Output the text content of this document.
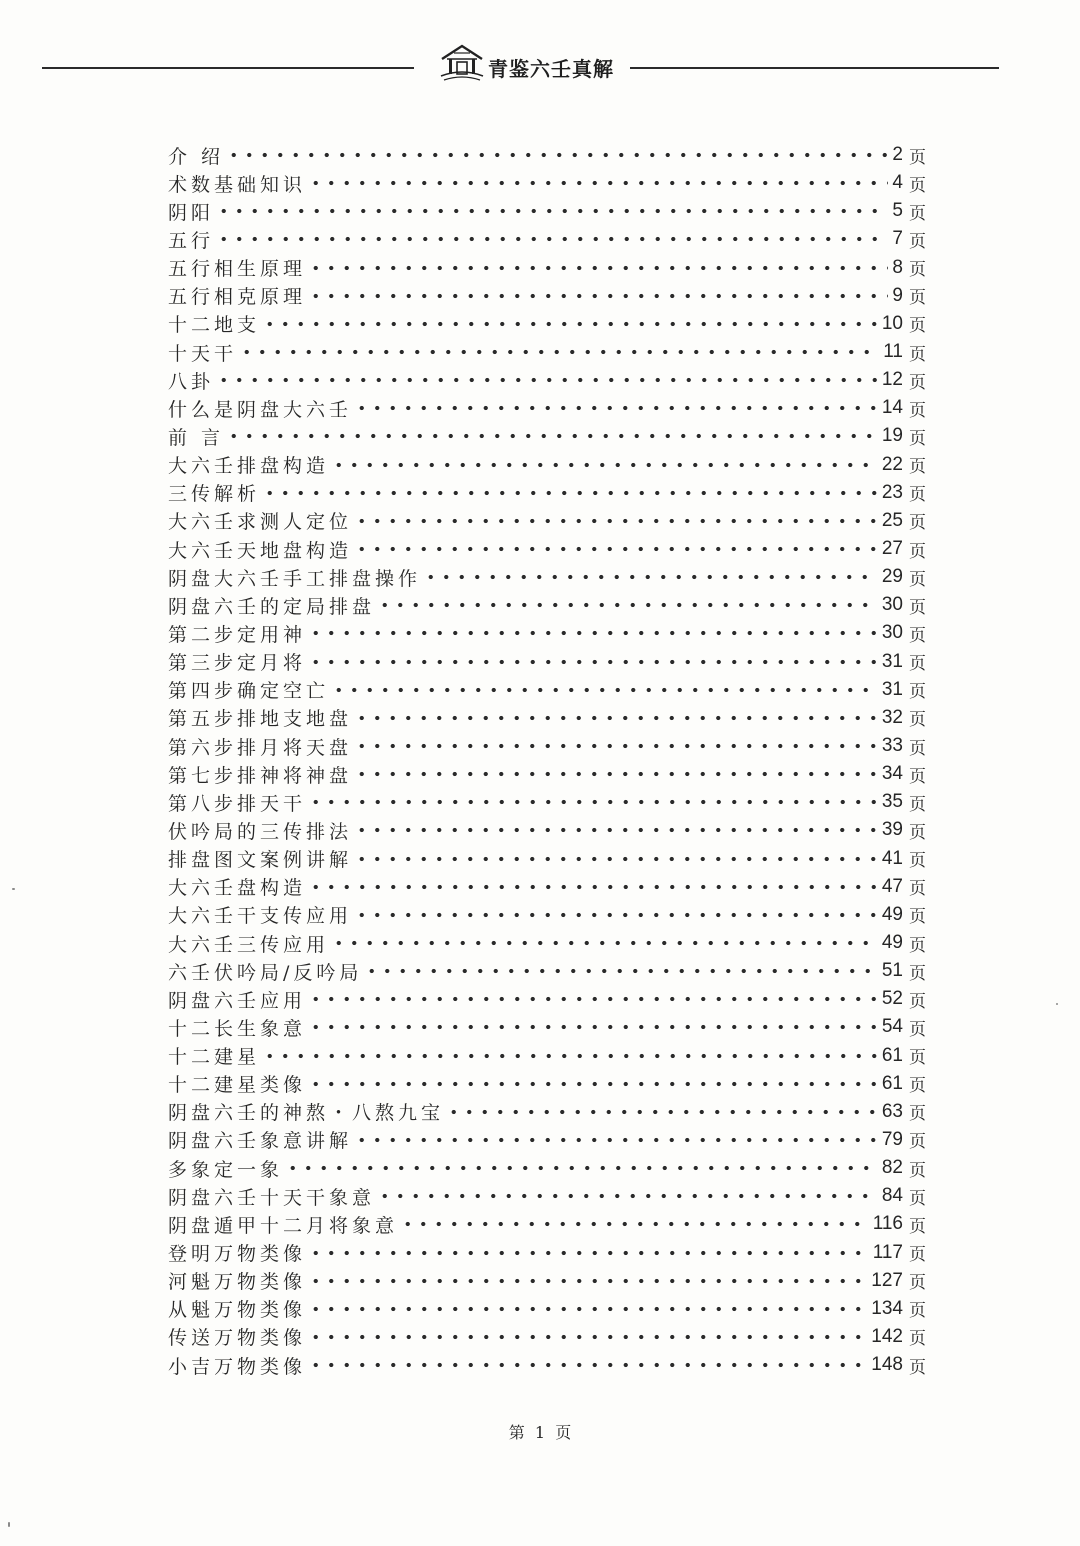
青鉴六壬真解
介 绍	2 页
术数基础知识	4 页
阴阳	5 页
五行	7 页
五行相生原理	8 页
五行相克原理	9 页
十二地支	10 页
十天干	11 页
八卦	12 页
什么是阴盘大六壬	14 页
前 言	19 页
大六壬排盘构造	22 页
三传解析	23 页
大六壬求测人定位	25 页
大六壬天地盘构造	27 页
阴盘大六壬手工排盘操作	29 页
阴盘六壬的定局排盘	30 页
第二步定用神	30 页
第三步定月将	31 页
第四步确定空亡	31 页
第五步排地支地盘	32 页
第六步排月将天盘	33 页
第七步排神将神盘	34 页
第八步排天干	35 页
伏吟局的三传排法	39 页
排盘图文案例讲解	41 页
大六壬盘构造	47 页
大六壬干支传应用	49 页
大六壬三传应用	49 页
六壬伏吟局/反吟局	51 页
阴盘六壬应用	52 页
十二长生象意	54 页
十二建星	61 页
十二建星类像	61 页
阴盘六壬的神熬・八熬九宝	63 页
阴盘六壬象意讲解	79 页
多象定一象	82 页
阴盘六壬十天干象意	84 页
阴盘遁甲十二月将象意	116 页
登明万物类像	117 页
河魁万物类像	127 页
从魁万物类像	134 页
传送万物类像	142 页
小吉万物类像	148 页
第  1  页
